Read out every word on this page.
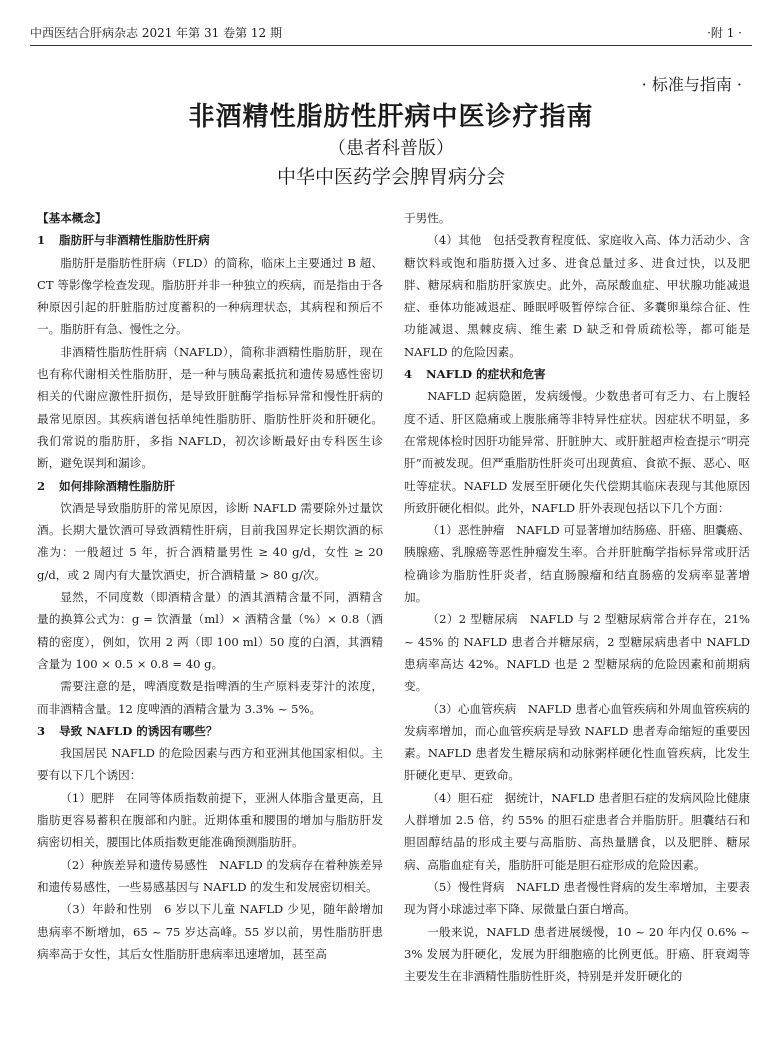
中西医结合肝病杂志 2021 年第 31 卷第 12 期	·附 1 ·
· 标准与指南 ·
非酒精性脂肪性肝病中医诊疗指南
（患者科普版）
中华中医药学会脾胃病分会

【基本概念】

1 脂肪肝与非酒精性脂肪性肝病

脂肪肝是脂肪性肝病（FLD）的简称，临床上主要通过 B 超、CT 等影像学检查发现。脂肪肝并非一种独立的疾病，而是指由于各种原因引起的肝脏脂肪过度蓄积的一种病理状态，其病程和预后不一。脂肪肝有急、慢性之分。

非酒精性脂肪性肝病（NAFLD），简称非酒精性脂肪肝，现在也有称代谢相关性脂肪肝，是一种与胰岛素抵抗和遗传易感性密切相关的代谢应激性肝损伤，是导致肝脏酶学指标异常和慢性肝病的最常见原因。其疾病谱包括单纯性脂肪肝、脂肪性肝炎和肝硬化。我们常说的脂肪肝，多指 NAFLD，初次诊断最好由专科医生诊断，避免误判和漏诊。

2 如何排除酒精性脂肪肝

饮酒是导致脂肪肝的常见原因，诊断 NAFLD 需要除外过量饮酒。长期大量饮酒可导致酒精性肝病，目前我国界定长期饮酒的标准为：一般超过 5 年，折合酒精量男性 ≥ 40 g/d，女性 ≥ 20 g/d，或 2 周内有大量饮酒史，折合酒精量 > 80 g/次。

显然，不同度数（即酒精含量）的酒其酒精含量不同，酒精含量的换算公式为：g = 饮酒量（ml）× 酒精含量（%）× 0.8（酒精的密度），例如，饮用 2 两（即 100 ml）50 度的白酒，其酒精含量为 100 × 0.5 × 0.8 = 40 g。

需要注意的是，啤酒度数是指啤酒的生产原料麦芽汁的浓度，而非酒精含量。12 度啤酒的酒精含量为 3.3% ~ 5%。

3 导致 NAFLD 的诱因有哪些？

我国居民 NAFLD 的危险因素与西方和亚洲其他国家相似。主要有以下几个诱因：

（1）肥胖　在同等体质指数前提下，亚洲人体脂含量更高，且脂肪更容易蓄积在腹部和内脏。近期体重和腰围的增加与脂肪肝发病密切相关，腰围比体质指数更能准确预测脂肪肝。

（2）种族差异和遗传易感性　NAFLD 的发病存在着种族差异和遗传易感性，一些易感基因与 NAFLD 的发生和发展密切相关。

（3）年龄和性别　6 岁以下儿童 NAFLD 少见，随年龄增加患病率不断增加，65 ~ 75 岁达高峰。55 岁以前，男性脂肪肝患病率高于女性，其后女性脂肪肝患病率迅速增加，甚至高

于男性。

（4）其他　包括受教育程度低、家庭收入高、体力活动少、含糖饮料或饱和脂肪摄入过多、进食总量过多、进食过快，以及肥胖、糖尿病和脂肪肝家族史。此外，高尿酸血症、甲状腺功能减退症、垂体功能减退症、睡眠呼吸暂停综合征、多囊卵巢综合征、性功能减退、黑棘皮病、维生素 D 缺乏和骨质疏松等，都可能是 NAFLD 的危险因素。

4 NAFLD 的症状和危害

NAFLD 起病隐匿，发病缓慢。少数患者可有乏力、右上腹轻度不适、肝区隐痛或上腹胀痛等非特异性症状。因症状不明显，多在常规体检时因肝功能异常、肝脏肿大、或肝脏超声检查提示“明亮肝”而被发现。但严重脂肪性肝炎可出现黄疸、食欲不振、恶心、呕吐等症状。NAFLD 发展至肝硬化失代偿期其临床表现与其他原因所致肝硬化相似。此外，NAFLD 肝外表现包括以下几个方面：

（1）恶性肿瘤　NAFLD 可显著增加结肠癌、肝癌、胆囊癌、胰腺癌、乳腺癌等恶性肿瘤发生率。合并肝脏酶学指标异常或肝活检确诊为脂肪性肝炎者，结直肠腺瘤和结直肠癌的发病率显著增加。

（2）2 型糖尿病　NAFLD 与 2 型糖尿病常合并存在，21% ~ 45% 的 NAFLD 患者合并糖尿病，2 型糖尿病患者中 NAFLD 患病率高达 42%。NAFLD 也是 2 型糖尿病的危险因素和前期病变。

（3）心血管疾病　NAFLD 患者心血管疾病和外周血管疾病的发病率增加，而心血管疾病是导致 NAFLD 患者寿命缩短的重要因素。NAFLD 患者发生糖尿病和动脉粥样硬化性血管疾病，比发生肝硬化更早、更致命。

（4）胆石症　据统计，NAFLD 患者胆石症的发病风险比健康人群增加 2.5 倍，约 55% 的胆石症患者合并脂肪肝。胆囊结石和胆固醇结晶的形成主要与高脂肪、高热量膳食，以及肥胖、糖尿病、高脂血症有关，脂肪肝可能是胆石症形成的危险因素。

（5）慢性肾病　NAFLD 患者慢性肾病的发生率增加，主要表现为肾小球滤过率下降、尿微量白蛋白增高。

一般来说，NAFLD 患者进展缓慢，10 ~ 20 年内仅 0.6% ~ 3% 发展为肝硬化，发展为肝细胞癌的比例更低。肝癌、肝衰竭等主要发生在非酒精性脂肪性肝炎，特别是并发肝硬化的
